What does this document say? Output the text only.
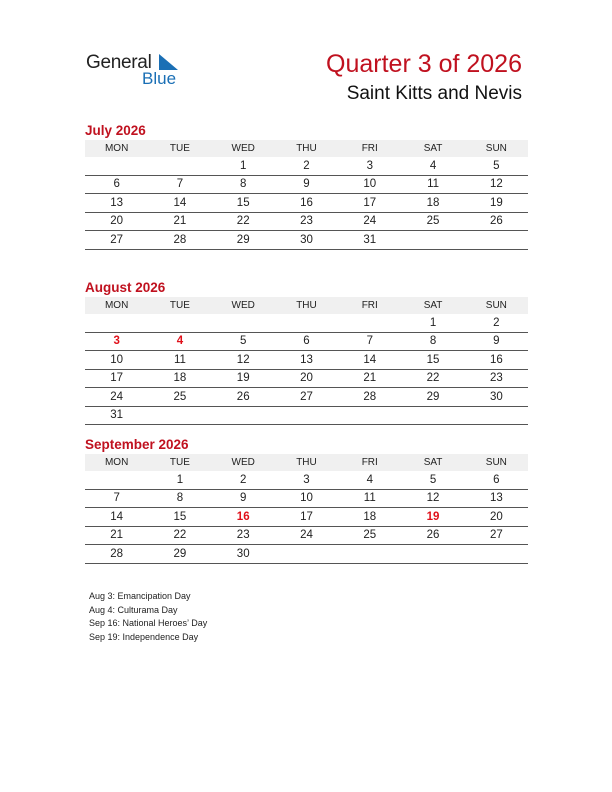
General
Blue
Quarter 3 of 2026
Saint Kitts and Nevis
July 2026
MON	TUE	WED	THU	FRI	SAT	SUN
		1	2	3	4	5
6	7	8	9	10	11	12
13	14	15	16	17	18	19
20	21	22	23	24	25	26
27	28	29	30	31		
August 2026
MON	TUE	WED	THU	FRI	SAT	SUN
					1	2
3	4	5	6	7	8	9
10	11	12	13	14	15	16
17	18	19	20	21	22	23
24	25	26	27	28	29	30
31						
September 2026
MON	TUE	WED	THU	FRI	SAT	SUN
	1	2	3	4	5	6
7	8	9	10	11	12	13
14	15	16	17	18	19	20
21	22	23	24	25	26	27
28	29	30				
Aug 3: Emancipation Day
Aug 4: Culturama Day
Sep 16: National Heroes’ Day
Sep 19: Independence Day
